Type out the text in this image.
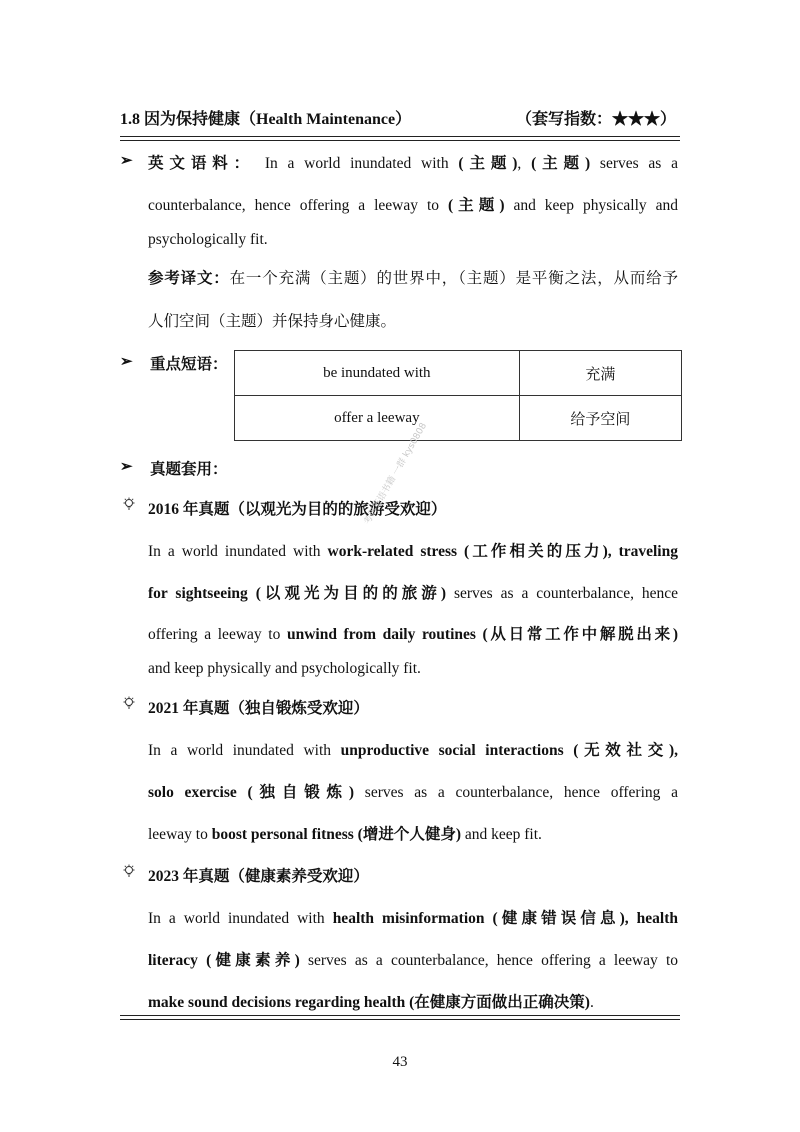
1.8 因为保持健康（Health Maintenance）	（套写指数：★★★）
➢ 英文语料： In a world inundated with (主题), (主题) serves as a
counterbalance, hence offering a leeway to (主题) and keep physically and
psychologically fit.
参考译文：在一个充满（主题）的世界中，（主题）是平衡之法，从而给予
人们空间（主题）并保持身心健康。
➢ 重点短语：	be inundated with	充满
offer a leeway	给予空间
➢ 真题套用：
2016 年真题（以观光为目的的旅游受欢迎）
In a world inundated with work-related stress (工作相关的压力), traveling
for sightseeing (以观光为目的的旅游) serves as a counterbalance, hence
offering a leeway to unwind from daily routines (从日常工作中解脱出来)
and keep physically and psychologically fit.
2021 年真题（独自锻炼受欢迎）
In a world inundated with unproductive social interactions (无效社交),
solo exercise (独自锻炼) serves as a counterbalance, hence offering a
leeway to boost personal fitness (增进个人健身) and keep fit.
2023 年真题（健康素养受欢迎）
In a world inundated with health misinformation (健康错误信息), health
literacy (健康素养) serves as a counterbalance, hence offering a leeway to
make sound decisions regarding health (在健康方面做出正确决策).
考研英语书籍 一群 kys0808
43
